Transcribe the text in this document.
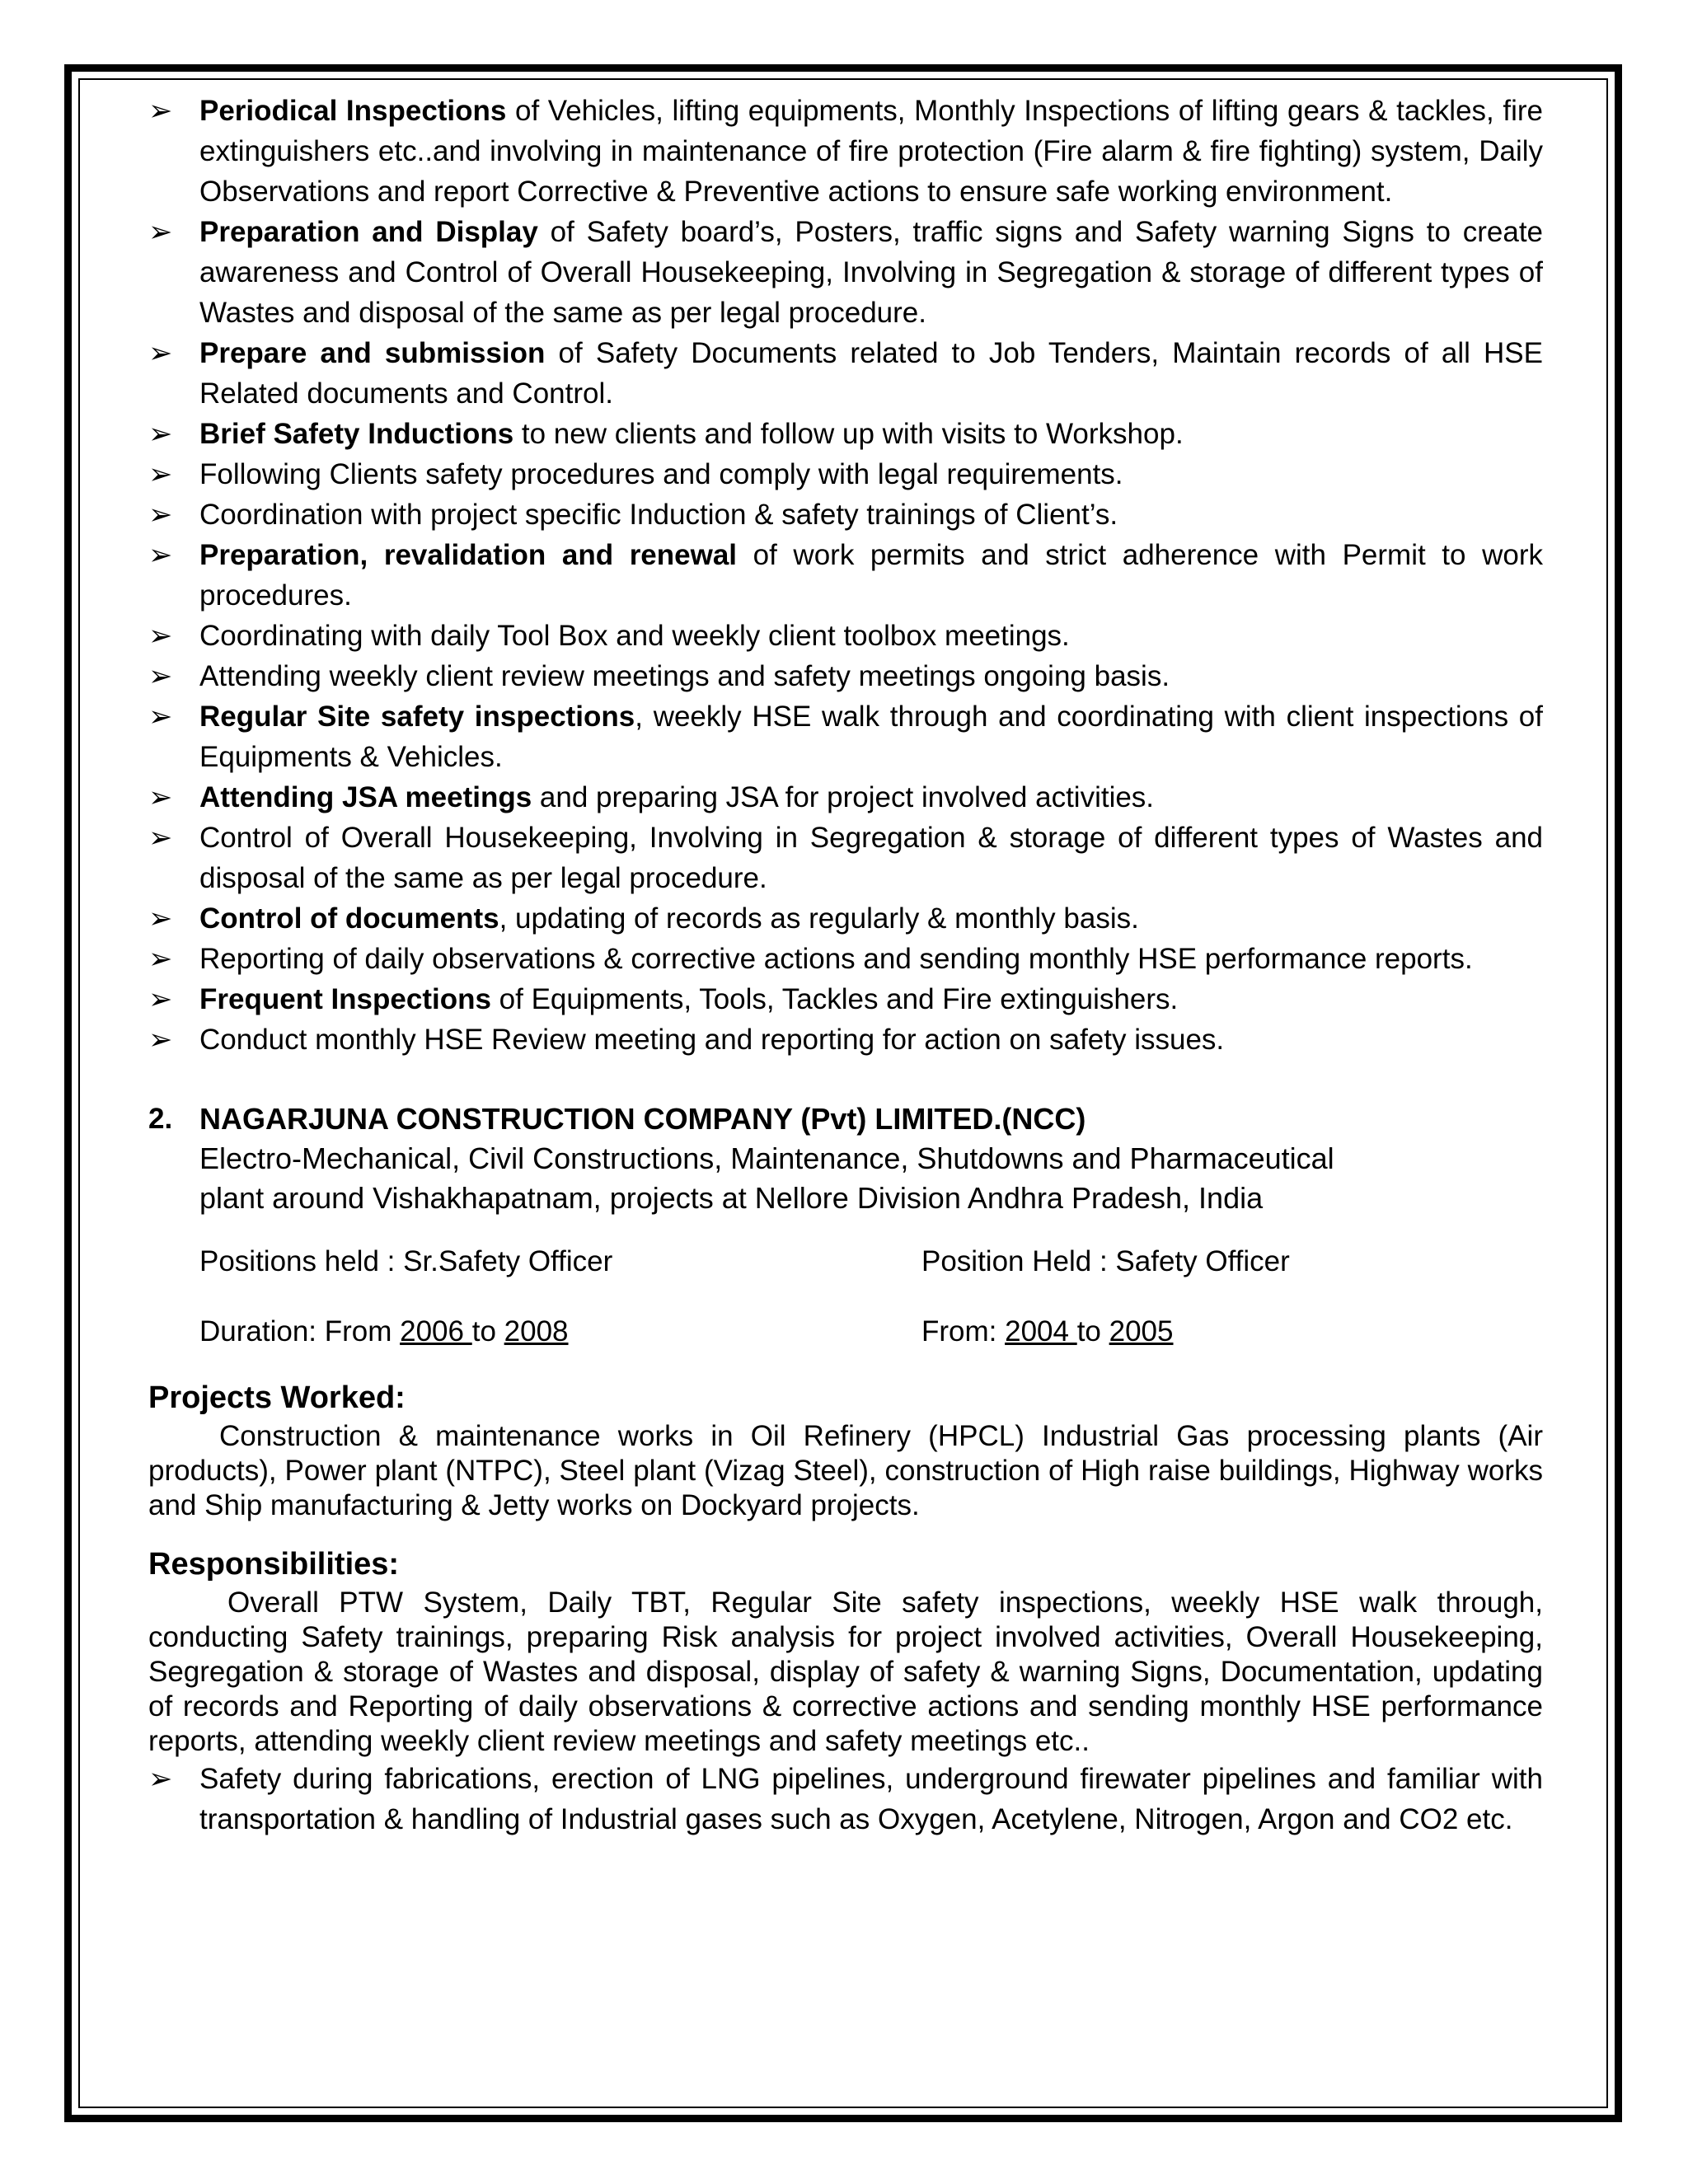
➢ Periodical Inspections of Vehicles, lifting equipments, Monthly Inspections of lifting gears & tackles, fire extinguishers etc..and involving in maintenance of fire protection (Fire alarm & fire fighting) system, Daily Observations and report Corrective & Preventive actions to ensure safe working environment.
➢ Preparation and Display of Safety board’s, Posters, traffic signs and Safety warning Signs to create awareness and Control of Overall Housekeeping, Involving in Segregation & storage of different types of Wastes and disposal of the same as per legal procedure.
➢ Prepare and submission of Safety Documents related to Job Tenders, Maintain records of all HSE Related documents and Control.
➢ Brief Safety Inductions to new clients and follow up with visits to Workshop.
➢ Following Clients safety procedures and comply with legal requirements.
➢ Coordination with project specific Induction & safety trainings of Client’s.
➢ Preparation, revalidation and renewal of work permits and strict adherence with Permit to work procedures.
➢ Coordinating with daily Tool Box and weekly client toolbox meetings.
➢ Attending weekly client review meetings and safety meetings ongoing basis.
➢ Regular Site safety inspections, weekly HSE walk through and coordinating with client inspections of Equipments & Vehicles.
➢ Attending JSA meetings and preparing JSA for project involved activities.
➢ Control of Overall Housekeeping, Involving in Segregation & storage of different types of Wastes and disposal of the same as per legal procedure.
➢ Control of documents, updating of records as regularly & monthly basis.
➢ Reporting of daily observations & corrective actions and sending monthly HSE performance reports.
➢ Frequent Inspections of Equipments, Tools, Tackles and Fire extinguishers.
➢ Conduct monthly HSE Review meeting and reporting for action on safety issues.
2. NAGARJUNA CONSTRUCTION COMPANY (Pvt) LIMITED.(NCC)
Electro-Mechanical, Civil Constructions, Maintenance, Shutdowns and Pharmaceutical
plant around Vishakhapatnam, projects at Nellore Division Andhra Pradesh, India
Positions held : Sr.Safety Officer	Position Held : Safety Officer
Duration: From 2006 to 2008	From: 2004 to 2005
Projects Worked:
Construction & maintenance works in Oil Refinery (HPCL) Industrial Gas processing plants (Air products), Power plant (NTPC), Steel plant (Vizag Steel), construction of High raise buildings, Highway works and Ship manufacturing & Jetty works on Dockyard projects.
Responsibilities:
Overall PTW System, Daily TBT, Regular Site safety inspections, weekly HSE walk through, conducting Safety trainings, preparing Risk analysis for project involved activities, Overall Housekeeping, Segregation & storage of Wastes and disposal, display of safety & warning Signs, Documentation, updating of records and Reporting of daily observations & corrective actions and sending monthly HSE performance reports, attending weekly client review meetings and safety meetings etc..
➢ Safety during fabrications, erection of LNG pipelines, underground firewater pipelines and familiar with transportation & handling of Industrial gases such as Oxygen, Acetylene, Nitrogen, Argon and CO2 etc.
